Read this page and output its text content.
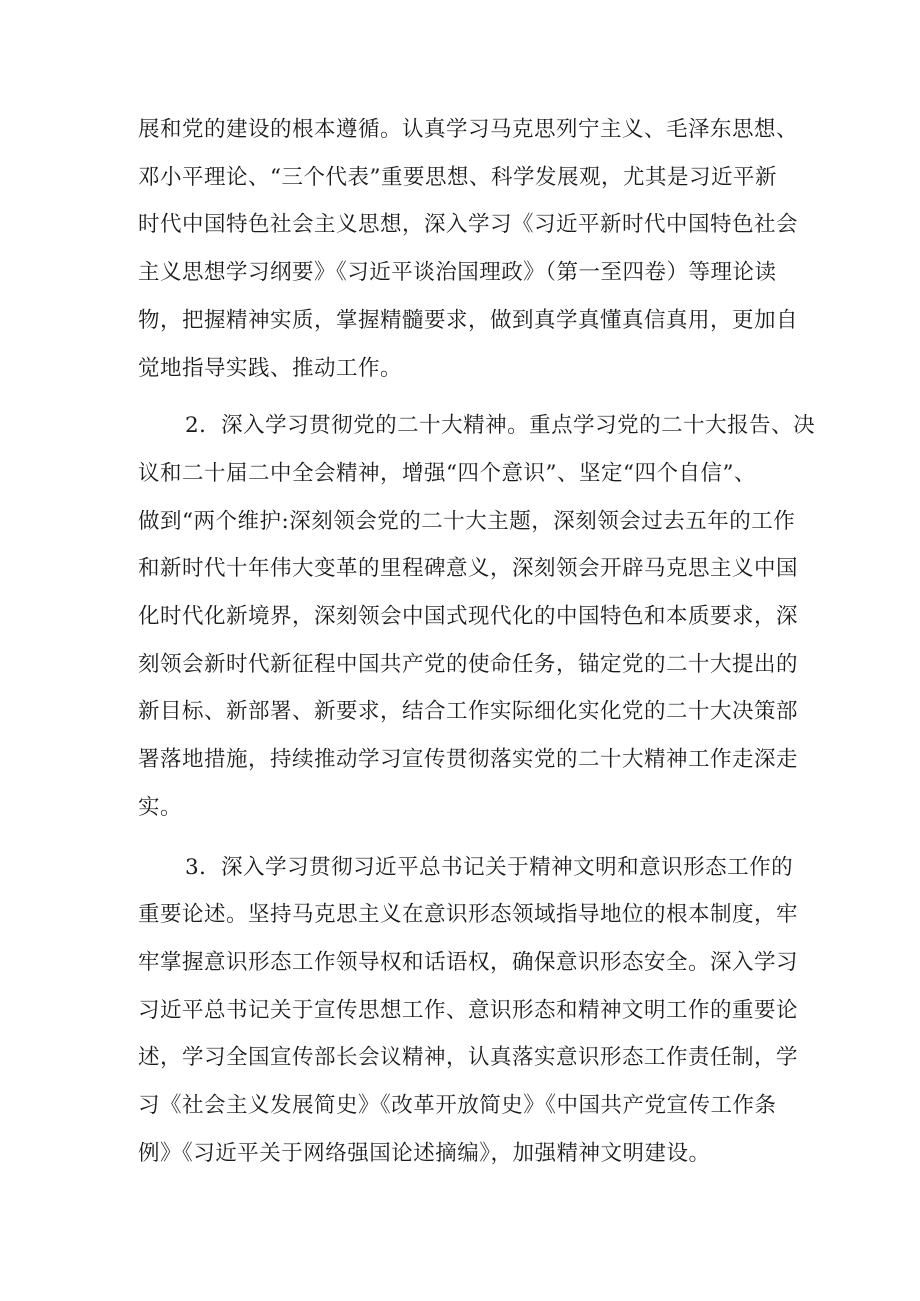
展和党的建设的根本遵循。认真学习马克思列宁主义、毛泽东思想、
邓小平理论、“三个代表”重要思想、科学发展观，尤其是习近平新
时代中国特色社会主义思想，深入学习《习近平新时代中国特色社会
主义思想学习纲要》《习近平谈治国理政》（第一至四卷）等理论读
物，把握精神实质，掌握精髓要求，做到真学真懂真信真用，更加自
觉地指导实践、推动工作。

2．深入学习贯彻党的二十大精神。重点学习党的二十大报告、决
议和二十届二中全会精神，增强“四个意识”、坚定“四个自信”、
做到“两个维护:深刻领会党的二十大主题，深刻领会过去五年的工作
和新时代十年伟大变革的里程碑意义，深刻领会开辟马克思主义中国
化时代化新境界，深刻领会中国式现代化的中国特色和本质要求，深
刻领会新时代新征程中国共产党的使命任务，锚定党的二十大提出的
新目标、新部署、新要求，结合工作实际细化实化党的二十大决策部
署落地措施，持续推动学习宣传贯彻落实党的二十大精神工作走深走
实。

3．深入学习贯彻习近平总书记关于精神文明和意识形态工作的
重要论述。坚持马克思主义在意识形态领域指导地位的根本制度，牢
牢掌握意识形态工作领导权和话语权，确保意识形态安全。深入学习
习近平总书记关于宣传思想工作、意识形态和精神文明工作的重要论
述，学习全国宣传部长会议精神，认真落实意识形态工作责任制，学
习《社会主义发展简史》《改革开放简史》《中国共产党宣传工作条
例》《习近平关于网络强国论述摘编》，加强精神文明建设。
